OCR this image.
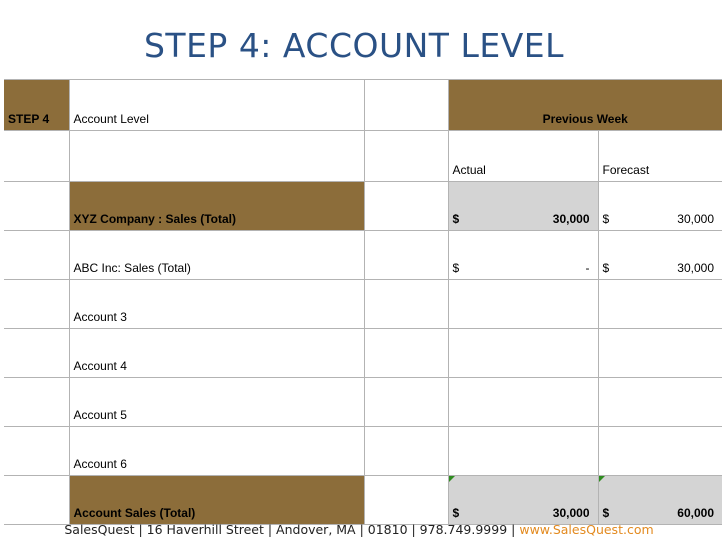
STEP 4: ACCOUNT LEVEL
STEP 4	Account Level		Previous Week	
			Actual	Forecast
	XYZ Company : Sales (Total)		$ 30,000	$ 30,000

	ABC Inc: Sales (Total)		$ -	$ 30,000

	Account 3			
	Account 4			
	Account 5			
	Account 6			
	Account Sales (Total)		$ 30,000	$ 60,000
SalesQuest | 16 Haverhill Street | Andover, MA | 01810 | 978.749.9999 | www.SalesQuest.com
